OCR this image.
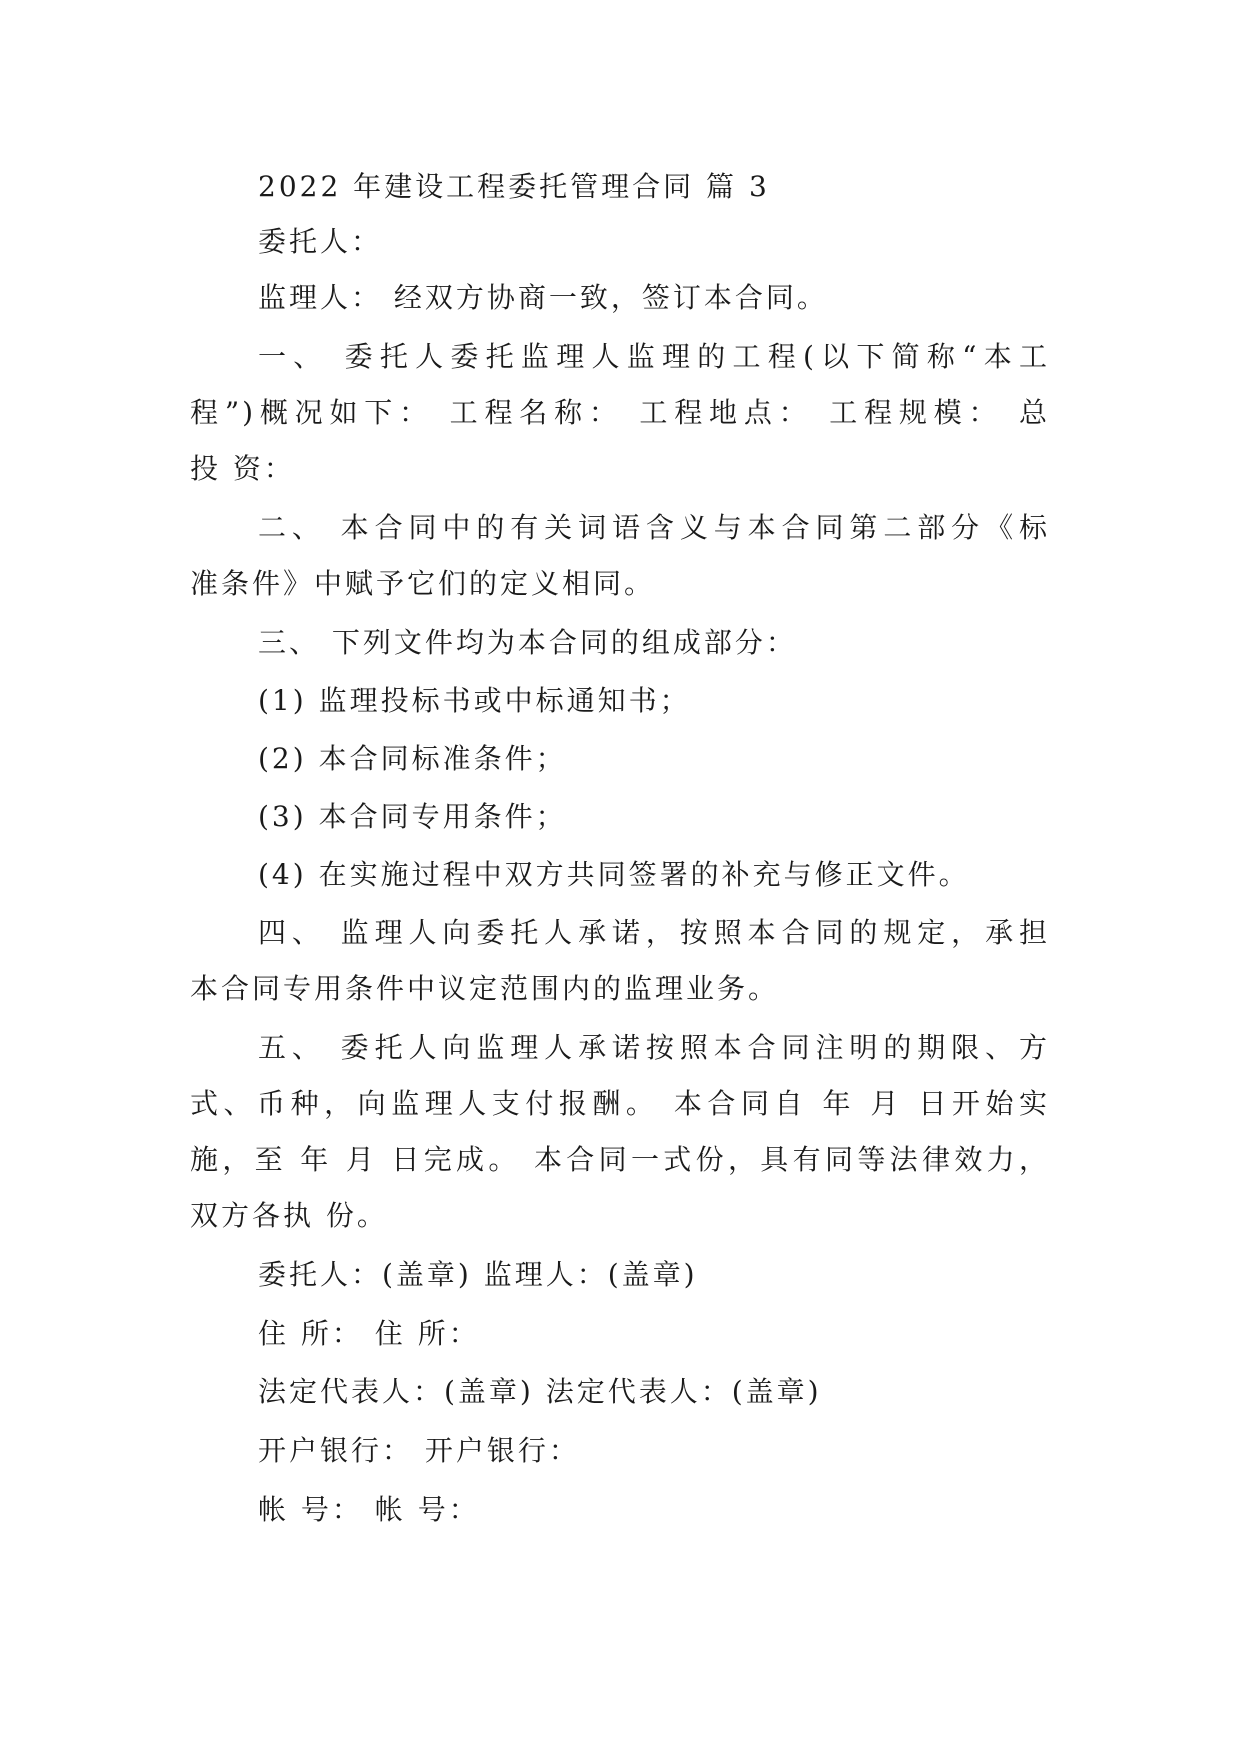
2022 年建设工程委托管理合同 篇 3
委托人：
监理人： 经双方协商一致，签订本合同。
一、 委托人委托监理人监理的工程(以下简称“本工
程”)概况如下： 工程名称： 工程地点： 工程规模： 总
投 资：
二、 本合同中的有关词语含义与本合同第二部分《标
准条件》中赋予它们的定义相同。
三、 下列文件均为本合同的组成部分：
(1) 监理投标书或中标通知书；
(2) 本合同标准条件；
(3) 本合同专用条件；
(4) 在实施过程中双方共同签署的补充与修正文件。
四、 监理人向委托人承诺，按照本合同的规定，承担
本合同专用条件中议定范围内的监理业务。
五、 委托人向监理人承诺按照本合同注明的期限、方
式、币种，向监理人支付报酬。 本合同自 年 月 日开始实
施，至 年 月 日完成。 本合同一式份，具有同等法律效力，
双方各执 份。
委托人：(盖章) 监理人：(盖章)
住 所： 住 所：
法定代表人：(盖章) 法定代表人：(盖章)
开户银行： 开户银行：
帐 号： 帐 号：
